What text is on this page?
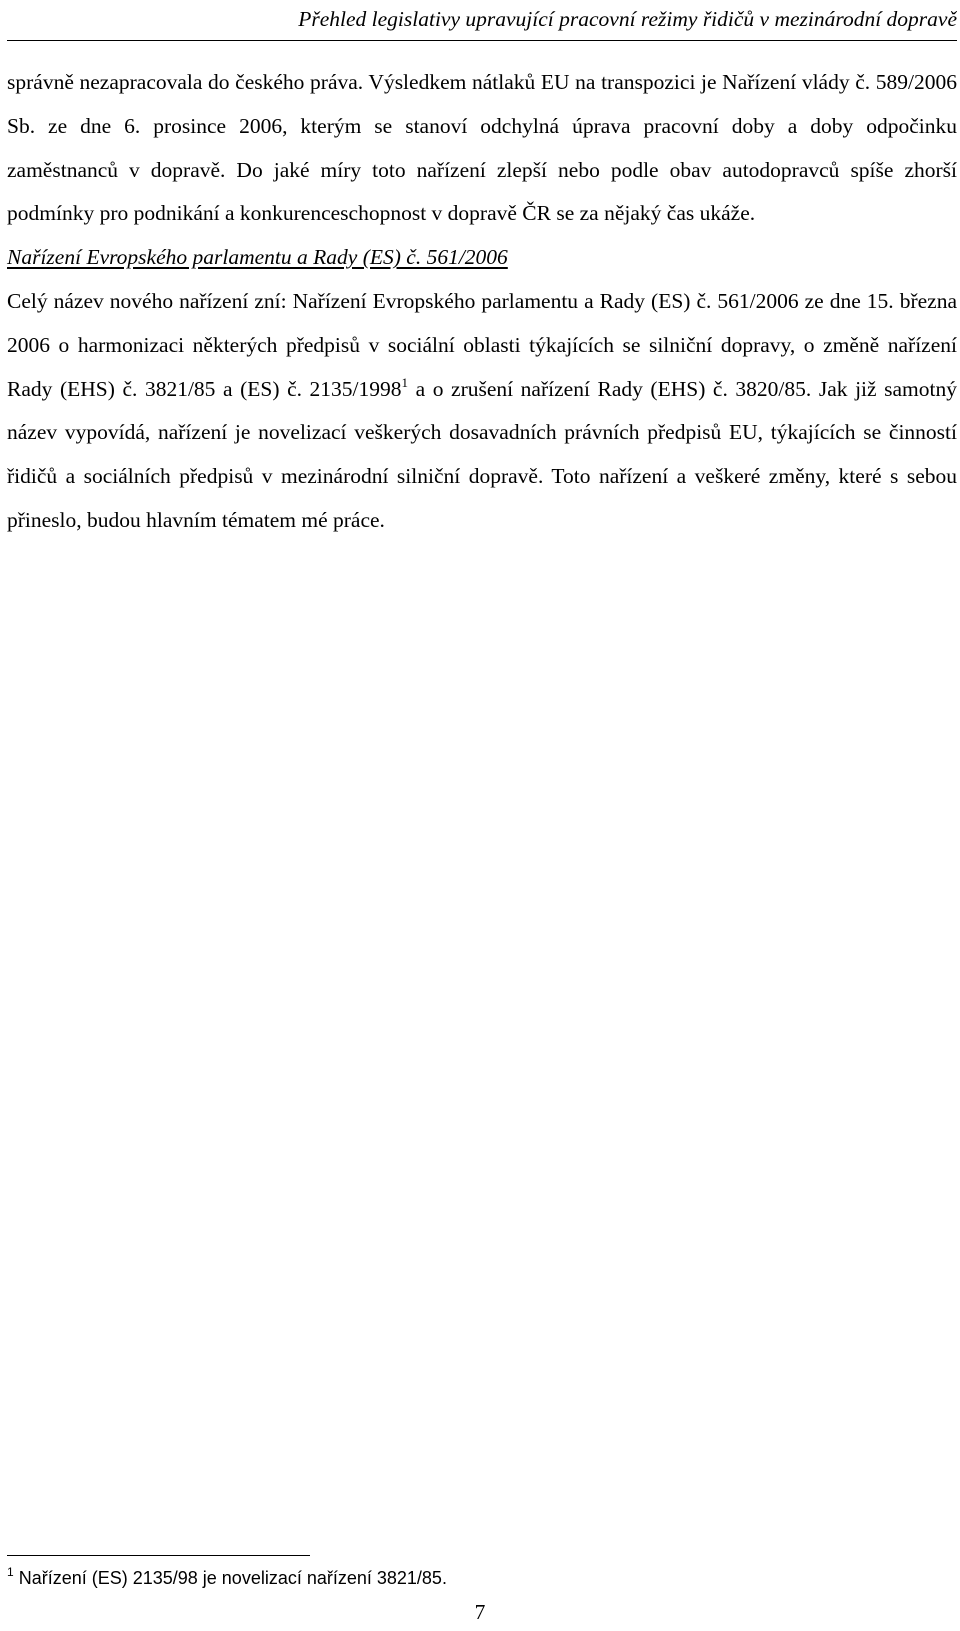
Přehled legislativy upravující pracovní režimy řidičů v mezinárodní dopravě

správně nezapracovala do českého práva. Výsledkem nátlaků EU na transpozici je Nařízení vlády č. 589/2006 Sb. ze dne 6. prosince 2006, kterým se stanoví odchylná úprava pracovní doby a doby odpočinku zaměstnanců v dopravě. Do jaké míry toto nařízení zlepší nebo podle obav autodopravců spíše zhorší podmínky pro podnikání a konkurenceschopnost v dopravě ČR se za nějaký čas ukáže.

Nařízení Evropského parlamentu a Rady (ES) č. 561/2006

Celý název nového nařízení zní: Nařízení Evropského parlamentu a Rady (ES) č. 561/2006 ze dne 15. března 2006 o harmonizaci některých předpisů v sociální oblasti týkajících se silniční dopravy, o změně nařízení Rady (EHS) č. 3821/85 a (ES) č. 2135/1998$^1$ a o zrušení nařízení Rady (EHS) č. 3820/85. Jak již samotný název vypovídá, nařízení je novelizací veškerých dosavadních právních předpisů EU, týkajících se činností řidičů a sociálních předpisů v mezinárodní silniční dopravě. Toto nařízení a veškeré změny, které s sebou přineslo, budou hlavním tématem mé práce.

$^1$ Nařízení (ES) 2135/98 je novelizací nařízení 3821/85.
7
